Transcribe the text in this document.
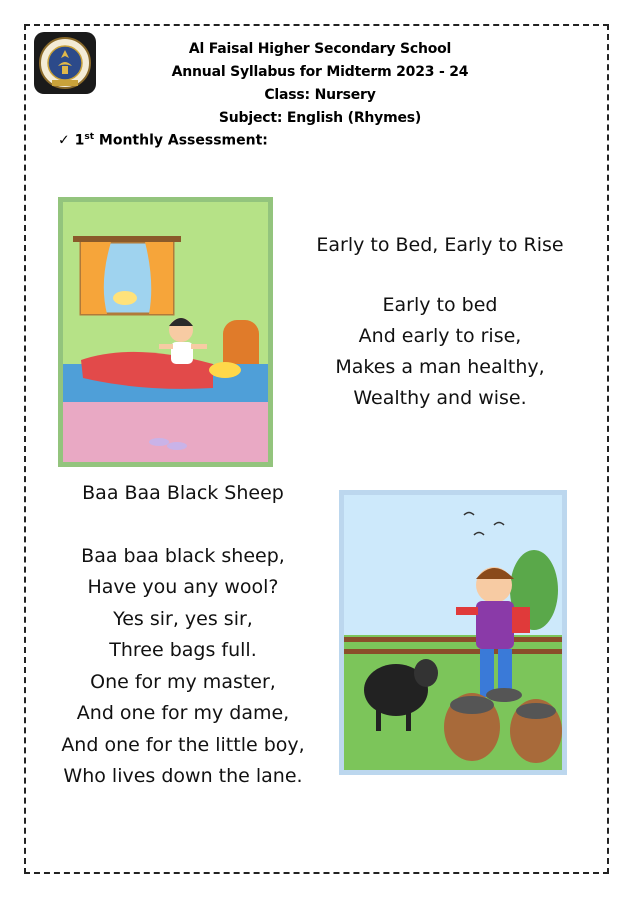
Al Faisal Higher Secondary School
Annual Syllabus for Midterm 2023 - 24
Class: Nursery
Subject: English (Rhymes)
✓ 1st Monthly Assessment:
Early to Bed, Early to Rise
Early to bed
And early to rise,
Makes a man healthy,
Wealthy and wise.
Baa Baa Black Sheep
Baa baa black sheep,
Have you any wool?
Yes sir, yes sir,
Three bags full.
One for my master,
And one for my dame,
And one for the little boy,
Who lives down the lane.
